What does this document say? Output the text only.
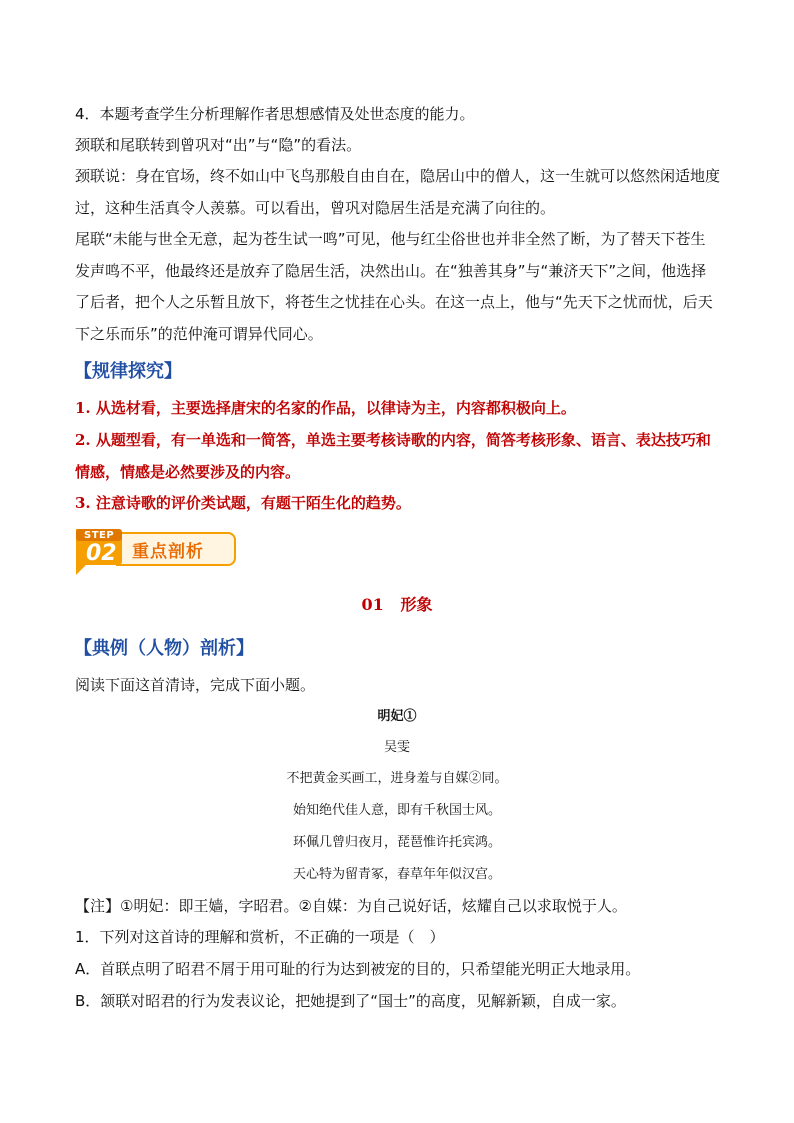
4．本题考查学生分析理解作者思想感情及处世态度的能力。

颈联和尾联转到曾巩对“出”与“隐”的看法。

颈联说：身在官场，终不如山中飞鸟那般自由自在，隐居山中的僧人，这一生就可以悠然闲适地度过，这种生活真令人羡慕。可以看出，曾巩对隐居生活是充满了向往的。

尾联“未能与世全无意，起为苍生试一鸣”可见，他与红尘俗世也并非全然了断，为了替天下苍生发声鸣不平，他最终还是放弃了隐居生活，决然出山。在“独善其身”与“兼济天下”之间，他选择了后者，把个人之乐暂且放下，将苍生之忧挂在心头。在这一点上，他与“先天下之忧而忧，后天下之乐而乐”的范仲淹可谓异代同心。

【规律探究】

1. 从选材看，主要选择唐宋的名家的作品，以律诗为主，内容都积极向上。

2. 从题型看，有一单选和一简答，单选主要考核诗歌的内容，简答考核形象、语言、表达技巧和情感，情感是必然要涉及的内容。

3. 注意诗歌的评价类试题，有题干陌生化的趋势。

重点剖析
STEP
02
01 形象
【典例（人物）剖析】
阅读下面这首清诗，完成下面小题。
明妃①
吴雯
不把黄金买画工，进身羞与自媒②同。
始知绝代佳人意，即有千秋国士风。
环佩几曾归夜月，琵琶惟许托宾鸿。
天心特为留青冢，春草年年似汉宫。
【注】①明妃：即王嫱，字昭君。②自媒：为自己说好话，炫耀自己以求取悦于人。
1．下列对这首诗的理解和赏析，不正确的一项是（　）
A．首联点明了昭君不屑于用可耻的行为达到被宠的目的，只希望能光明正大地录用。
B．颔联对昭君的行为发表议论，把她提到了“国士”的高度，见解新颖，自成一家。
